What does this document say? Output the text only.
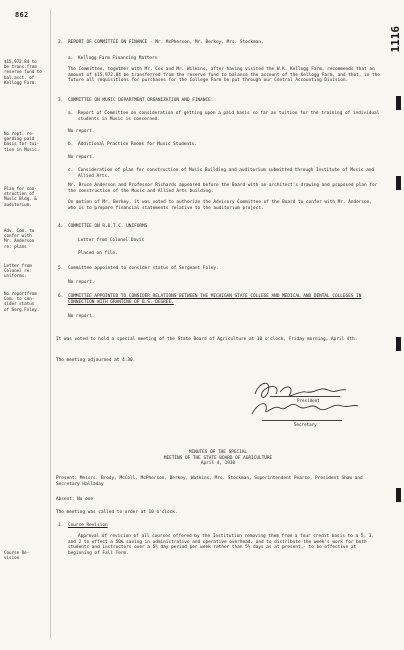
862
1116
$15,972.84 to
be trans.from
reserve fund to
bal.acct. of
Kellogg Farm.
No rept. re-
garding paid
basis for tui-
tion in Music.
Plan for con-
struction of
Music Bldg. &
auditorium.
Adv. Com. to
confer with
Mr. Anderson
re: plans
Letter from
Colonel re:
uniforms.
No reportfrom
Com. to con-
sider status
of Serg.Foley.
Course Re-
vision
2. REPORT OF COMMITTEE ON FINANCE - Mr. McPherson, Mr. Berkey, Mrs. Stockman.
a. Kellogg Farm Financing Matters
The Committee, together with Mr. Cox and Mr. Wilkins, after having visited the W.K. Kellogg Farm, recommends that an amount of $15,972.84 be transferred from the reserve fund to balance the account of the Kellogg Farm, and that, in the future all requisitions for purchases for the College Farm be put through our Central Accounting Division.
3. COMMITTEE ON MUSIC DEPARTMENT ORGANIZATION AND FINANCE.
a. Report of Committee on consideration of getting upon a paid basis so far as tuition for the training of individual students in Music is concerned.
No report.
b. Additional Practice Rooms for Music Students.
No report.
c. Consideration of plan for construction of Music Building and auditorium submitted through Institute of Music and Allied Arts.
Mr. Bruce Anderson and Professor Richards appeared before the Board with an architect's drawing and proposed plan for the construction of the Music and Allied Arts building.
On motion of Mr. Berkey, it was voted to authorize the Advisory Committee of the Board to confer with Mr. Anderson, who is to prepare financial statements relative to the auditorium project.
4. COMMITTEE ON R.O.T.C. UNIFORMS
Letter from Colonel Davis
Placed on file.
5. Committee appointed to consider status of Sergeant Foley.
No report.
6. COMMITTEE APPOINTED TO CONSIDER RELATIONS BETWEEN THE MICHIGAN STATE COLLEGE AND MEDICAL AND DENTAL COLLEGES IN CONNECTION WITH GRANTING OF B.S. DEGREE.
No report.
It was voted to hold a special meeting of the State Board of Agriculture at 10 o'clock, Friday morning, April 4th.
The meeting adjourned at 4:30.
President
Secretary
MINUTES OF THE SPECIAL
MEETING OF THE STATE BOARD OF AGRICULTURE
April 4, 1930
Present: Messrs. Brody, McColl, McPherson, Berkey, Watkins, Mrs. Stockman, Superintendent Pearce, President Shaw and Secretary Halladay
Absent: No one
The meeting was called to order at 10 o'clock.
1. Course Revision
Approval of revision of all courses offered by the Institution removing them from a four credit basis to a 5, 3, and 2 to effect a 50% saving in administrative and operative overhead, and to distribute the week's work for both students and instructors over a 5½ day period per week rather than 5½ days as at present,- to be effective at beginning of Fall Term.
